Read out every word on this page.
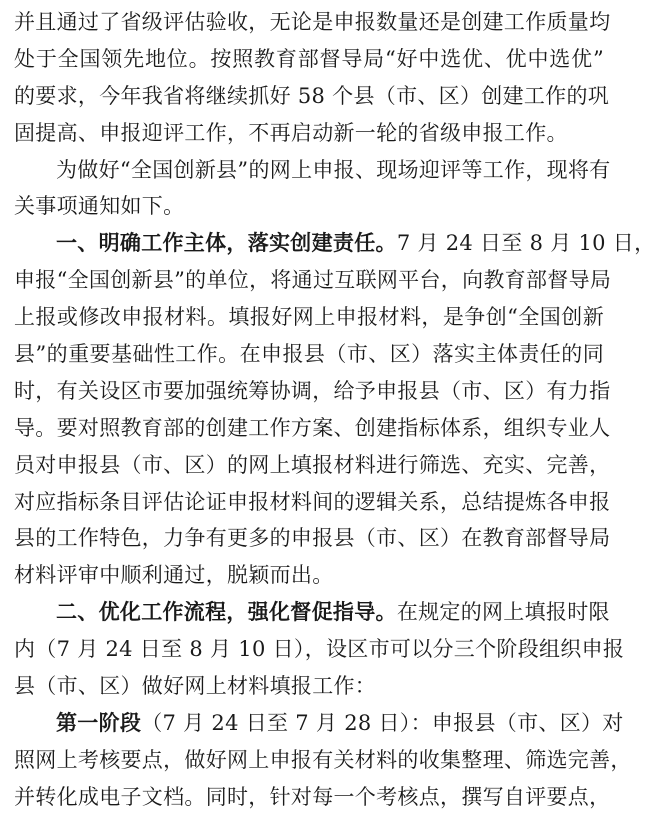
并且通过了省级评估验收，无论是申报数量还是创建工作质量均
处于全国领先地位。按照教育部督导局“好中选优、优中选优”
的要求，今年我省将继续抓好 58 个县（市、区）创建工作的巩
固提高、申报迎评工作，不再启动新一轮的省级申报工作。
为做好“全国创新县”的网上申报、现场迎评等工作，现将有
关事项通知如下。
一、明确工作主体，落实创建责任。7 月 24 日至 8 月 10 日，
申报“全国创新县”的单位，将通过互联网平台，向教育部督导局
上报或修改申报材料。填报好网上申报材料，是争创“全国创新
县”的重要基础性工作。在申报县（市、区）落实主体责任的同
时，有关设区市要加强统筹协调，给予申报县（市、区）有力指
导。要对照教育部的创建工作方案、创建指标体系，组织专业人
员对申报县（市、区）的网上填报材料进行筛选、充实、完善，
对应指标条目评估论证申报材料间的逻辑关系，总结提炼各申报
县的工作特色，力争有更多的申报县（市、区）在教育部督导局
材料评审中顺利通过，脱颖而出。
二、优化工作流程，强化督促指导。在规定的网上填报时限
内（7 月 24 日至 8 月 10 日），设区市可以分三个阶段组织申报
县（市、区）做好网上材料填报工作：
第一阶段（7 月 24 日至 7 月 28 日）：申报县（市、区）对
照网上考核要点，做好网上申报有关材料的收集整理、筛选完善，
并转化成电子文档。同时，针对每一个考核点，撰写自评要点，
